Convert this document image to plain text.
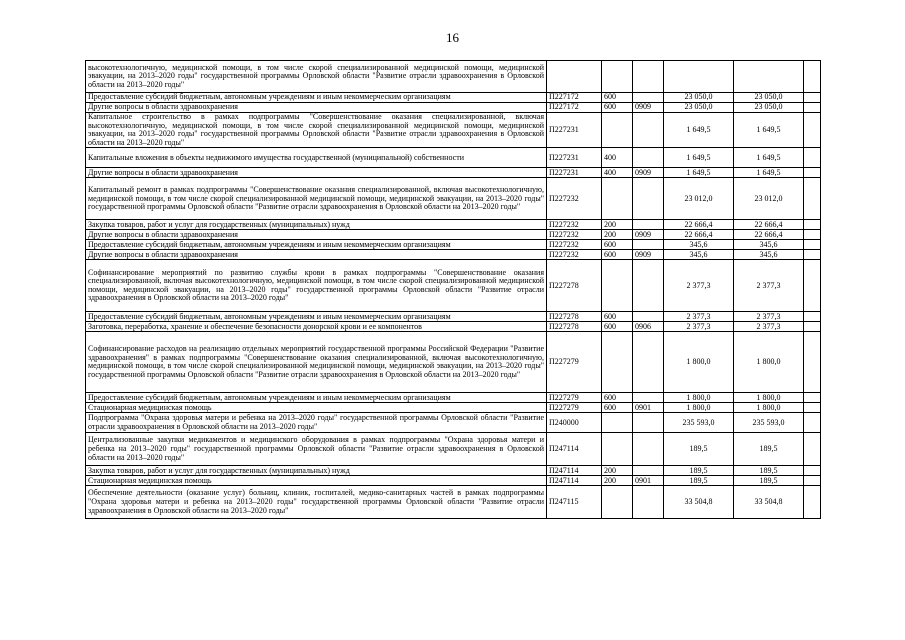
16
высокотехнологичную, медицинской помощи, в том числе скорой специализированной медицинской помощи, медицинской эвакуации, на 2013–2020 годы" государственной программы Орловской области "Развитие отрасли здравоохранения в Орловской области на 2013–2020 годы"						
Предоставление субсидий бюджетным, автономным учреждениям и иным некоммерческим организациям	П227172	600		23 050,0	23 050,0	
Другие вопросы в области здравоохранения	П227172	600	0909	23 050,0	23 050,0	
Капитальное строительство в рамках подпрограммы "Совершенствование оказания специализированной, включая высокотехнологичную, медицинской помощи, в том числе скорой специализированной медицинской помощи, медицинской эвакуации, на 2013–2020 годы" государственной программы Орловской области "Развитие отрасли здравоохранения в Орловской области на 2013–2020 годы"	П227231			1 649,5	1 649,5	
Капитальные вложения в объекты недвижимого имущества государственной (муниципальной) собственности	П227231	400		1 649,5	1 649,5	
Другие вопросы в области здравоохранения	П227231	400	0909	1 649,5	1 649,5	
Капитальный ремонт в рамках подпрограммы "Совершенствование оказания специализированной, включая высокотехнологичную, медицинской помощи, в том числе скорой специализированной медицинской помощи, медицинской эвакуации, на 2013–2020 годы" государственной программы Орловской области "Развитие отрасли здравоохранения в Орловской области на 2013–2020 годы"	П227232			23 012,0	23 012,0	
Закупка товаров, работ и услуг для государственных (муниципальных) нужд	П227232	200		22 666,4	22 666,4	
Другие вопросы в области здравоохранения	П227232	200	0909	22 666,4	22 666,4	
Предоставление субсидий бюджетным, автономным учреждениям и иным некоммерческим организациям	П227232	600		345,6	345,6	
Другие вопросы в области здравоохранения	П227232	600	0909	345,6	345,6	
Софинансирование мероприятий по развитию службы крови в рамках подпрограммы "Совершенствование оказания специализированной, включая высокотехнологичную, медицинской помощи, в том числе скорой специализированной медицинской помощи, медицинской эвакуации, на 2013–2020 годы" государственной программы Орловской области "Развитие отрасли здравоохранения в Орловской области на 2013–2020 годы"	П227278			2 377,3	2 377,3	
Предоставление субсидий бюджетным, автономным учреждениям и иным некоммерческим организациям	П227278	600		2 377,3	2 377,3	
Заготовка, переработка, хранение и обеспечение безопасности донорской крови и ее компонентов	П227278	600	0906	2 377,3	2 377,3	
Софинансирование расходов на реализацию отдельных мероприятий государственной программы Российской Федерации "Развитие здравоохранения" в рамках подпрограммы "Совершенствование оказания специализированной, включая высокотехнологичную, медицинской помощи, в том числе скорой специализированной медицинской помощи, медицинской эвакуации, на 2013–2020 годы" государственной программы Орловской области "Развитие отрасли здравоохранения в Орловской области на 2013–2020 годы"	П227279			1 800,0	1 800,0	
Предоставление субсидий бюджетным, автономным учреждениям и иным некоммерческим организациям	П227279	600		1 800,0	1 800,0	
Стационарная медицинская помощь	П227279	600	0901	1 800,0	1 800,0	
Подпрограмма "Охрана здоровья матери и ребенка на 2013–2020 годы" государственной программы Орловской области "Развитие отрасли здравоохранения в Орловской области на 2013–2020 годы"	П240000			235 593,0	235 593,0	
Централизованные закупки медикаментов и медицинского оборудования в рамках подпрограммы "Охрана здоровья матери и ребенка на 2013–2020 годы" государственной программы Орловской области "Развитие отрасли здравоохранения в Орловской области на 2013–2020 годы"	П247114			189,5	189,5	
Закупка товаров, работ и услуг для государственных (муниципальных) нужд	П247114	200		189,5	189,5	
Стационарная медицинская помощь	П247114	200	0901	189,5	189,5	
Обеспечение деятельности (оказание услуг) больниц, клиник, госпиталей, медико-санитарных частей в рамках подпрограммы "Охрана здоровья матери и ребенка на 2013–2020 годы" государственной программы Орловской области "Развитие отрасли здравоохранения в Орловской области на 2013–2020 годы"	П247115			33 504,8	33 504,8	
